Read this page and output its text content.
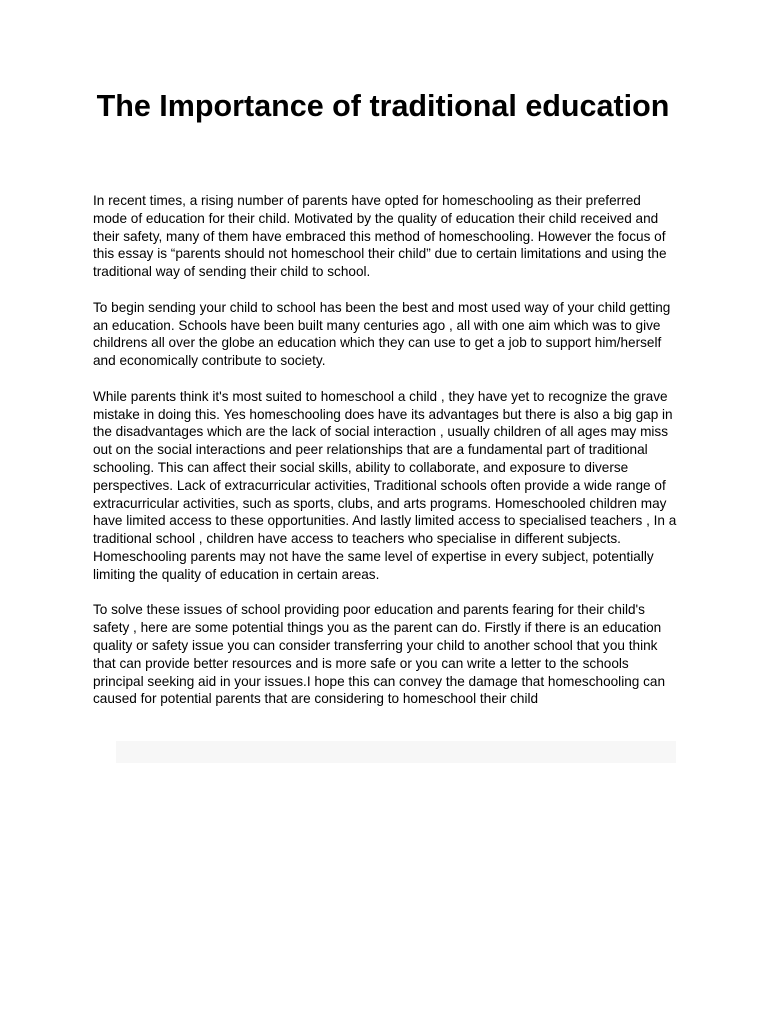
The Importance of traditional education

In recent times, a rising number of parents have opted for homeschooling as their preferred mode of education for their child. Motivated by the quality of education their child received and their safety, many of them have embraced this method of homeschooling. However the focus of this essay is “parents should not homeschool their child” due to certain limitations and using the traditional way of sending their child to school.

To begin sending your child to school has been the best and most used way of your child getting an education. Schools have been built many centuries ago , all with one aim which was to give childrens all over the globe an education which they can use to get a job to support him/herself and economically contribute to society.

While parents think it's most suited to homeschool a child , they have yet to recognize the grave mistake in doing this. Yes homeschooling does have its advantages but there is also a big gap in the disadvantages which are the lack of social interaction , usually children of all ages may miss out on the social interactions and peer relationships that are a fundamental part of traditional schooling. This can affect their social skills, ability to collaborate, and exposure to diverse perspectives. Lack of extracurricular activities, Traditional schools often provide a wide range of extracurricular activities, such as sports, clubs, and arts programs. Homeschooled children may have limited access to these opportunities. And lastly limited access to specialised teachers , In a traditional school , children have access to teachers who specialise in different subjects. Homeschooling parents may not have the same level of expertise in every subject, potentially limiting the quality of education in certain areas.

To solve these issues of school providing poor education and parents fearing for their child's safety , here are some potential things you as the parent can do. Firstly if there is an education quality or safety issue you can consider transferring your child to another school that you think that can provide better resources and is more safe or you can write a letter to the schools principal seeking aid in your issues.I hope this can convey the damage that homeschooling can caused for potential parents that are considering to homeschool their child
